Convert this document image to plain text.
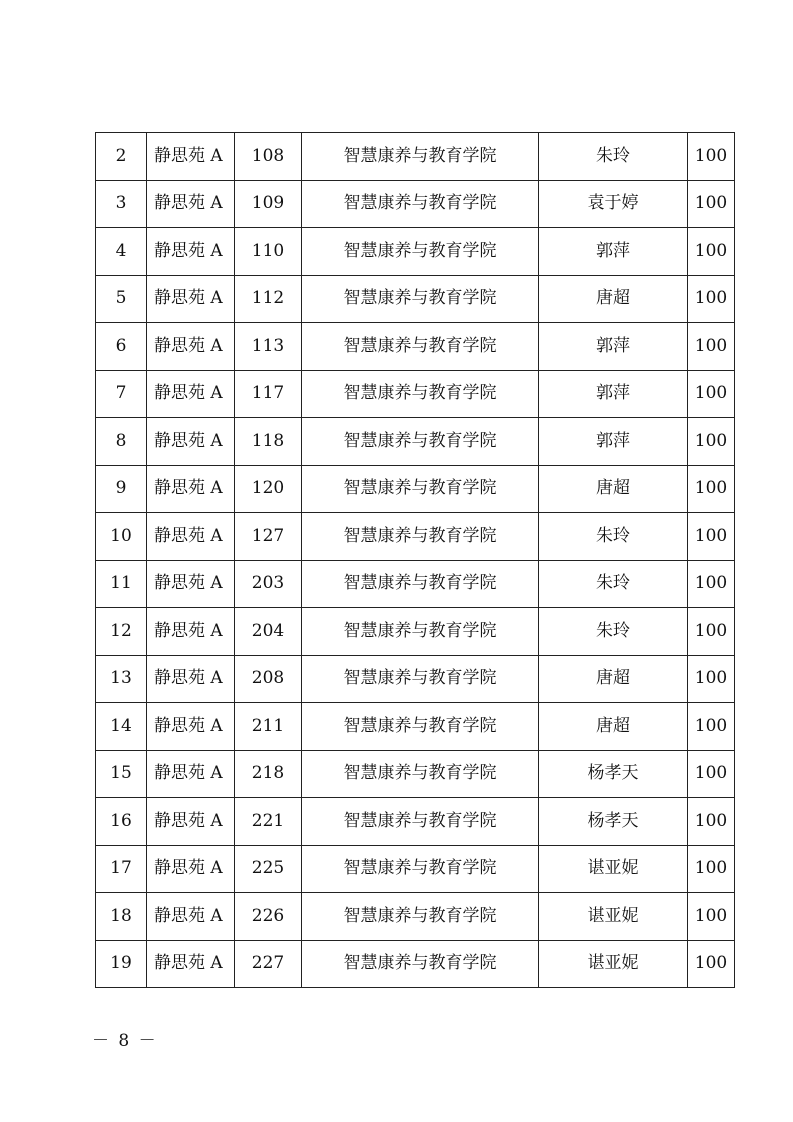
2	静思苑 A	108	智慧康养与教育学院	朱玲	100
3	静思苑 A	109	智慧康养与教育学院	袁于婷	100
4	静思苑 A	110	智慧康养与教育学院	郭萍	100
5	静思苑 A	112	智慧康养与教育学院	唐超	100
6	静思苑 A	113	智慧康养与教育学院	郭萍	100
7	静思苑 A	117	智慧康养与教育学院	郭萍	100
8	静思苑 A	118	智慧康养与教育学院	郭萍	100
9	静思苑 A	120	智慧康养与教育学院	唐超	100
10	静思苑 A	127	智慧康养与教育学院	朱玲	100
11	静思苑 A	203	智慧康养与教育学院	朱玲	100
12	静思苑 A	204	智慧康养与教育学院	朱玲	100
13	静思苑 A	208	智慧康养与教育学院	唐超	100
14	静思苑 A	211	智慧康养与教育学院	唐超	100
15	静思苑 A	218	智慧康养与教育学院	杨孝天	100
16	静思苑 A	221	智慧康养与教育学院	杨孝天	100
17	静思苑 A	225	智慧康养与教育学院	谌亚妮	100
18	静思苑 A	226	智慧康养与教育学院	谌亚妮	100
19	静思苑 A	227	智慧康养与教育学院	谌亚妮	100
－ 8 －
